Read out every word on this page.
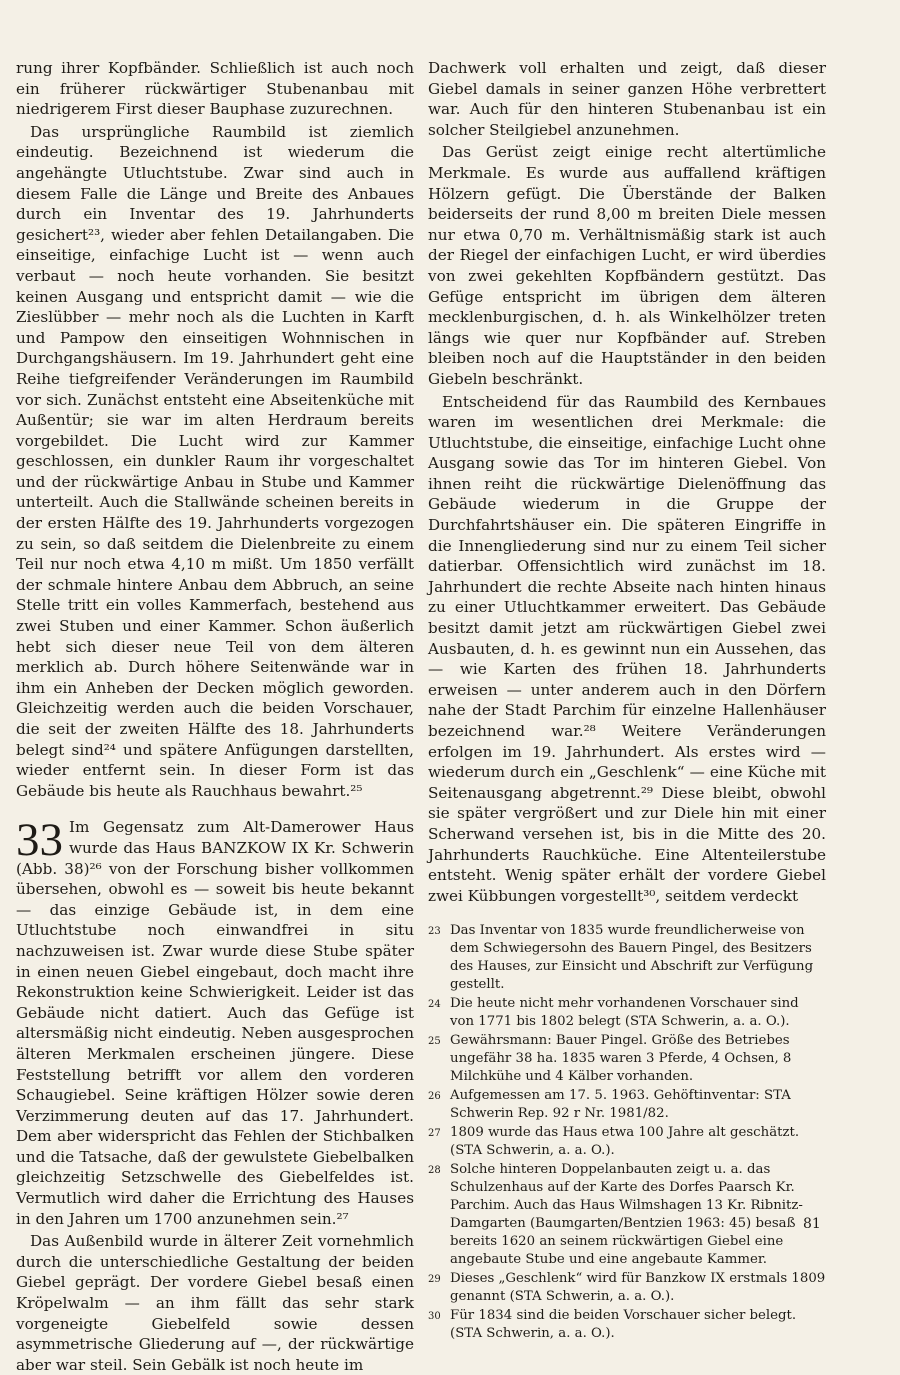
rung ihrer Kopfbänder. Schließlich ist auch noch ein früherer rückwärtiger Stubenanbau mit niedrigerem First dieser Bauphase zuzurechnen.

Das ursprüngliche Raumbild ist ziemlich eindeutig. Bezeichnend ist wiederum die angehängte Utluchtstube. Zwar sind auch in diesem Falle die Länge und Breite des Anbaues durch ein Inventar des 19. Jahrhunderts gesichert²³, wieder aber fehlen Detailangaben. Die einseitige, einfachige Lucht ist — wenn auch verbaut — noch heute vorhanden. Sie besitzt keinen Ausgang und entspricht damit — wie die Zieslübber — mehr noch als die Luchten in Karft und Pampow den einseitigen Wohnnischen in Durchgangshäusern. Im 19. Jahrhundert geht eine Reihe tiefgreifender Veränderungen im Raumbild vor sich. Zunächst entsteht eine Abseitenküche mit Außentür; sie war im alten Herdraum bereits vorgebildet. Die Lucht wird zur Kammer geschlossen, ein dunkler Raum ihr vorgeschaltet und der rückwärtige Anbau in Stube und Kammer unterteilt. Auch die Stallwände scheinen bereits in der ersten Hälfte des 19. Jahrhunderts vorgezogen zu sein, so daß seitdem die Dielenbreite zu einem Teil nur noch etwa 4,10 m mißt. Um 1850 verfällt der schmale hintere Anbau dem Abbruch, an seine Stelle tritt ein volles Kammerfach, bestehend aus zwei Stuben und einer Kammer. Schon äußerlich hebt sich dieser neue Teil von dem älteren merklich ab. Durch höhere Seitenwände war in ihm ein Anheben der Decken möglich geworden. Gleichzeitig werden auch die beiden Vorschauer, die seit der zweiten Hälfte des 18. Jahrhunderts belegt sind²⁴ und spätere Anfügungen darstellten, wieder entfernt sein. In dieser Form ist das Gebäude bis heute als Rauchhaus bewahrt.²⁵

33 Im Gegensatz zum Alt-Damerower Haus wurde das Haus BANZKOW IX Kr. Schwerin (Abb. 38)²⁶ von der Forschung bisher vollkommen übersehen, obwohl es — soweit bis heute bekannt — das einzige Gebäude ist, in dem eine Utluchtstube noch einwandfrei in situ nachzuweisen ist. Zwar wurde diese Stube später in einen neuen Giebel eingebaut, doch macht ihre Rekonstruktion keine Schwierigkeit. Leider ist das Gebäude nicht datiert. Auch das Gefüge ist altersmäßig nicht eindeutig. Neben ausgesprochen älteren Merkmalen erscheinen jüngere. Diese Feststellung betrifft vor allem den vorderen Schaugiebel. Seine kräftigen Hölzer sowie deren Verzimmerung deuten auf das 17. Jahrhundert. Dem aber widerspricht das Fehlen der Stichbalken und die Tatsache, daß der gewulstete Giebelbalken gleichzeitig Setzschwelle des Giebelfeldes ist. Vermutlich wird daher die Errichtung des Hauses in den Jahren um 1700 anzunehmen sein.²⁷

Das Außenbild wurde in älterer Zeit vornehmlich durch die unterschiedliche Gestaltung der beiden Giebel geprägt. Der vordere Giebel besaß einen Kröpelwalm — an ihm fällt das sehr stark vorgeneigte Giebelfeld sowie dessen asymmetrische Gliederung auf —, der rückwärtige aber war steil. Sein Gebälk ist noch heute im

Dachwerk voll erhalten und zeigt, daß dieser Giebel damals in seiner ganzen Höhe verbrettert war. Auch für den hinteren Stubenanbau ist ein solcher Steilgiebel anzunehmen.

Das Gerüst zeigt einige recht altertümliche Merkmale. Es wurde aus auffallend kräftigen Hölzern gefügt. Die Überstände der Balken beiderseits der rund 8,00 m breiten Diele messen nur etwa 0,70 m. Verhältnismäßig stark ist auch der Riegel der einfachigen Lucht, er wird überdies von zwei gekehlten Kopfbändern gestützt. Das Gefüge entspricht im übrigen dem älteren mecklenburgischen, d. h. als Winkelhölzer treten längs wie quer nur Kopfbänder auf. Streben bleiben noch auf die Hauptständer in den beiden Giebeln beschränkt.

Entscheidend für das Raumbild des Kernbaues waren im wesentlichen drei Merkmale: die Utluchtstube, die einseitige, einfachige Lucht ohne Ausgang sowie das Tor im hinteren Giebel. Von ihnen reiht die rückwärtige Dielenöffnung das Gebäude wiederum in die Gruppe der Durchfahrtshäuser ein. Die späteren Eingriffe in die Innengliederung sind nur zu einem Teil sicher datierbar. Offensichtlich wird zunächst im 18. Jahrhundert die rechte Abseite nach hinten hinaus zu einer Utluchtkammer erweitert. Das Gebäude besitzt damit jetzt am rückwärtigen Giebel zwei Ausbauten, d. h. es gewinnt nun ein Aussehen, das — wie Karten des frühen 18. Jahrhunderts erweisen — unter anderem auch in den Dörfern nahe der Stadt Parchim für einzelne Hallenhäuser bezeichnend war.²⁸ Weitere Veränderungen erfolgen im 19. Jahrhundert. Als erstes wird — wiederum durch ein „Geschlenk“ — eine Küche mit Seitenausgang abgetrennt.²⁹ Diese bleibt, obwohl sie später vergrößert und zur Diele hin mit einer Scherwand versehen ist, bis in die Mitte des 20. Jahrhunderts Rauchküche. Eine Altenteilerstube entsteht. Wenig später erhält der vordere Giebel zwei Kübbungen vorgestellt³⁰, seitdem verdeckt

23 Das Inventar von 1835 wurde freundlicherweise von dem Schwiegersohn des Bauern Pingel, des Besitzers des Hauses, zur Einsicht und Abschrift zur Verfügung gestellt.
24 Die heute nicht mehr vorhandenen Vorschauer sind von 1771 bis 1802 belegt (STA Schwerin, a. a. O.).
25 Gewährsmann: Bauer Pingel. Größe des Betriebes ungefähr 38 ha. 1835 waren 3 Pferde, 4 Ochsen, 8 Milchkühe und 4 Kälber vorhanden.
26 Aufgemessen am 17. 5. 1963. Gehöftinventar: STA Schwerin Rep. 92 r Nr. 1981/82.
27 1809 wurde das Haus etwa 100 Jahre alt geschätzt. (STA Schwerin, a. a. O.).
28 Solche hinteren Doppelanbauten zeigt u. a. das Schulzenhaus auf der Karte des Dorfes Paarsch Kr. Parchim. Auch das Haus Wilmshagen 13 Kr. Ribnitz-Damgarten (Baumgarten/Bentzien 1963: 45) besaß bereits 1620 an seinem rückwärtigen Giebel eine angebaute Stube und eine angebaute Kammer.
29 Dieses „Geschlenk“ wird für Banzkow IX erstmals 1809 genannt (STA Schwerin, a. a. O.).
30 Für 1834 sind die beiden Vorschauer sicher belegt. (STA Schwerin, a. a. O.).
81
